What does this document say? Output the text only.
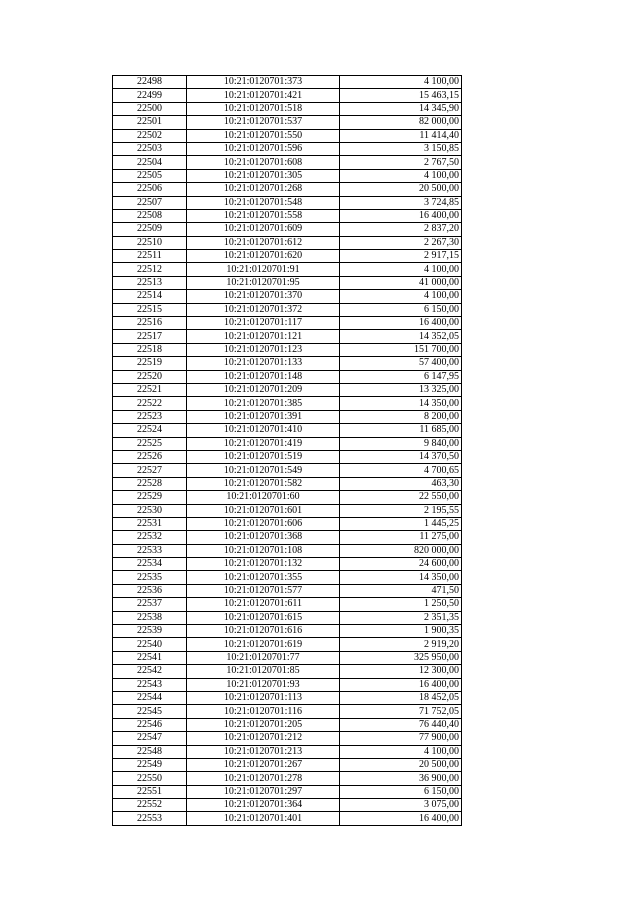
22498	10:21:0120701:373	4 100,00
22499	10:21:0120701:421	15 463,15
22500	10:21:0120701:518	14 345,90
22501	10:21:0120701:537	82 000,00
22502	10:21:0120701:550	11 414,40
22503	10:21:0120701:596	3 150,85
22504	10:21:0120701:608	2 767,50
22505	10:21:0120701:305	4 100,00
22506	10:21:0120701:268	20 500,00
22507	10:21:0120701:548	3 724,85
22508	10:21:0120701:558	16 400,00
22509	10:21:0120701:609	2 837,20
22510	10:21:0120701:612	2 267,30
22511	10:21:0120701:620	2 917,15
22512	10:21:0120701:91	4 100,00
22513	10:21:0120701:95	41 000,00
22514	10:21:0120701:370	4 100,00
22515	10:21:0120701:372	6 150,00
22516	10:21:0120701:117	16 400,00
22517	10:21:0120701:121	14 352,05
22518	10:21:0120701:123	151 700,00
22519	10:21:0120701:133	57 400,00
22520	10:21:0120701:148	6 147,95
22521	10:21:0120701:209	13 325,00
22522	10:21:0120701:385	14 350,00
22523	10:21:0120701:391	8 200,00
22524	10:21:0120701:410	11 685,00
22525	10:21:0120701:419	9 840,00
22526	10:21:0120701:519	14 370,50
22527	10:21:0120701:549	4 700,65
22528	10:21:0120701:582	463,30
22529	10:21:0120701:60	22 550,00
22530	10:21:0120701:601	2 195,55
22531	10:21:0120701:606	1 445,25
22532	10:21:0120701:368	11 275,00
22533	10:21:0120701:108	820 000,00
22534	10:21:0120701:132	24 600,00
22535	10:21:0120701:355	14 350,00
22536	10:21:0120701:577	471,50
22537	10:21:0120701:611	1 250,50
22538	10:21:0120701:615	2 351,35
22539	10:21:0120701:616	1 900,35
22540	10:21:0120701:619	2 919,20
22541	10:21:0120701:77	325 950,00
22542	10:21:0120701:85	12 300,00
22543	10:21:0120701:93	16 400,00
22544	10:21:0120701:113	18 452,05
22545	10:21:0120701:116	71 752,05
22546	10:21:0120701:205	76 440,40
22547	10:21:0120701:212	77 900,00
22548	10:21:0120701:213	4 100,00
22549	10:21:0120701:267	20 500,00
22550	10:21:0120701:278	36 900,00
22551	10:21:0120701:297	6 150,00
22552	10:21:0120701:364	3 075,00
22553	10:21:0120701:401	16 400,00
